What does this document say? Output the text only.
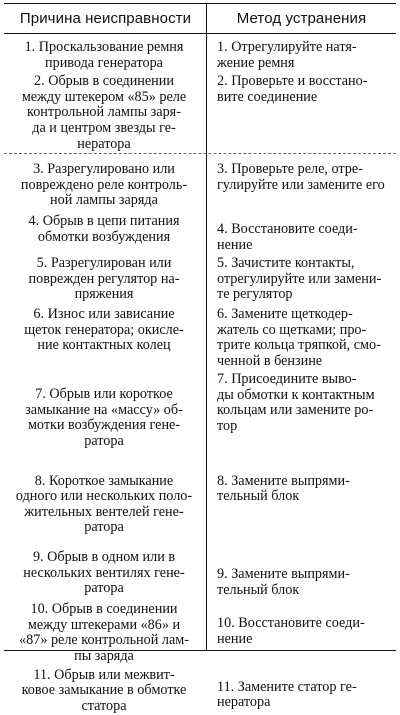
Причина неисправности	Метод устранения
1. Проскальзование ремня
привода генератора
1. Отрегулируйте натя-
жение ремня
2. Обрыв в соединении
между штекером «85» реле
контрольной лампы заря-
да и центром звезды ге-
нератора
2. Проверьте и восстано-
вите соединение
3. Разрегулировано или
повреждено реле контроль-
ной лампы заряда
3. Проверьте реле, отре-
гулируйте или замените его
4. Обрыв в цепи питания
обмотки возбуждения	4. Восстановите соеди-
нение
5. Разрегулирован или
поврежден регулятор на-
пряжения
5. Зачистите контакты,
отрегулируйте или замени-
те регулятор
6. Износ или зависание
щеток генератора; окисле-
ние контактных колец
6. Замените щеткодер-
жатель со щетками; про-
трите кольца тряпкой, смо-
ченной в бензине
7. Обрыв или короткое
замыкание на «массу» об-
мотки возбуждения гене-
ратора
7. Присоедините выво-
ды обмотки к контактным
кольцам или замените ро-
тор
8. Короткое замыкание
одного или нескольких поло-
жительных вентелей гене-
ратора
8. Замените выпрями-
тельный блок
9. Обрыв в одном или в
нескольких вентилях гене-
ратора
9. Замените выпрями-
тельный блок
10. Обрыв в соединении
между штекерами «86» и
«87» реле контрольной лам-
пы заряда
10. Восстановите соеди-
нение
11. Обрыв или межвит-
ковое замыкание в обмотке
статора
11. Замените статор ге-
нератора
